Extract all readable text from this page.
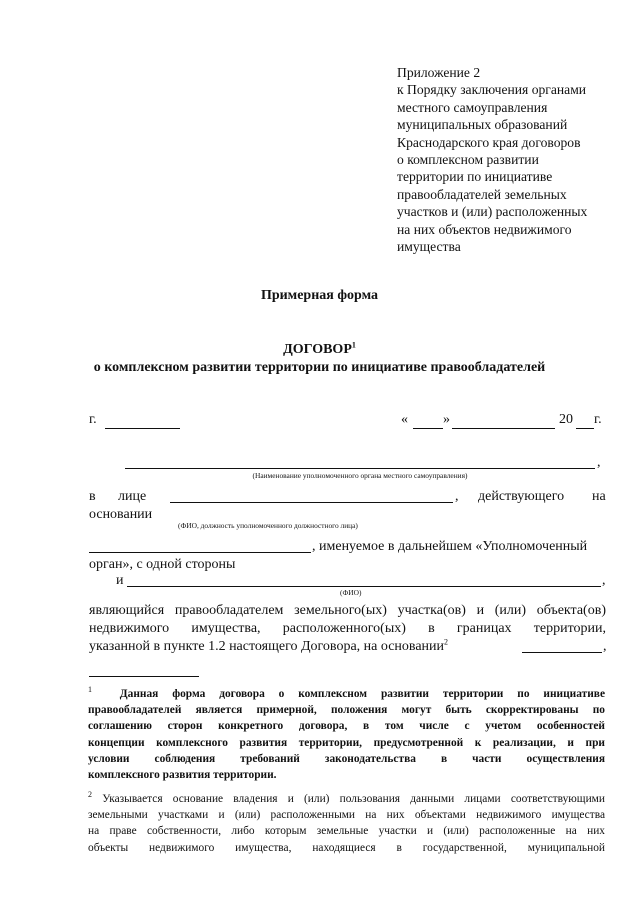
Приложение 2
к Порядку заключения органами
местного самоуправления
муниципальных образований
Краснодарского края договоров
о комплексном развитии
территории по инициативе
правообладателей земельных
участков и (или) расположенных
на них объектов недвижимого
имущества
Примерная форма
ДОГОВОР$^1$
о комплексном развитии территории по инициативе правообладателей
г.	«	»	20 г.
,
(Наименование уполномоченного органа местного самоуправления)
в лице	, действующего на
основании
(ФИО, должность уполномоченного должностного лица)
, именуемое в дальнейшем «Уполномоченный
орган», с одной стороны
и	,
(ФИО)
являющийся правообладателем земельного(ых) участка(ов) и (или) объекта(ов)
недвижимого имущества, расположенного(ых) в границах территории,
указанной в пункте 1.2 настоящего Договора, на основании$^2$	,
$^1$ Данная форма договора о комплексном развитии территории по инициативе
правообладателей является примерной, положения могут быть скорректированы по
соглашению сторон конкретного договора, в том числе с учетом особенностей
концепции комплексного развития территории, предусмотренной к реализации, и при
условии соблюдения требований законодательства в части осуществления
комплексного развития территории.
$^2$ Указывается основание владения и (или) пользования данными лицами соответствующими
земельными участками и (или) расположенными на них объектами недвижимого имущества
на праве собственности, либо которым земельные участки и (или) расположенные на них
объекты недвижимого имущества, находящиеся в государственной, муниципальной
